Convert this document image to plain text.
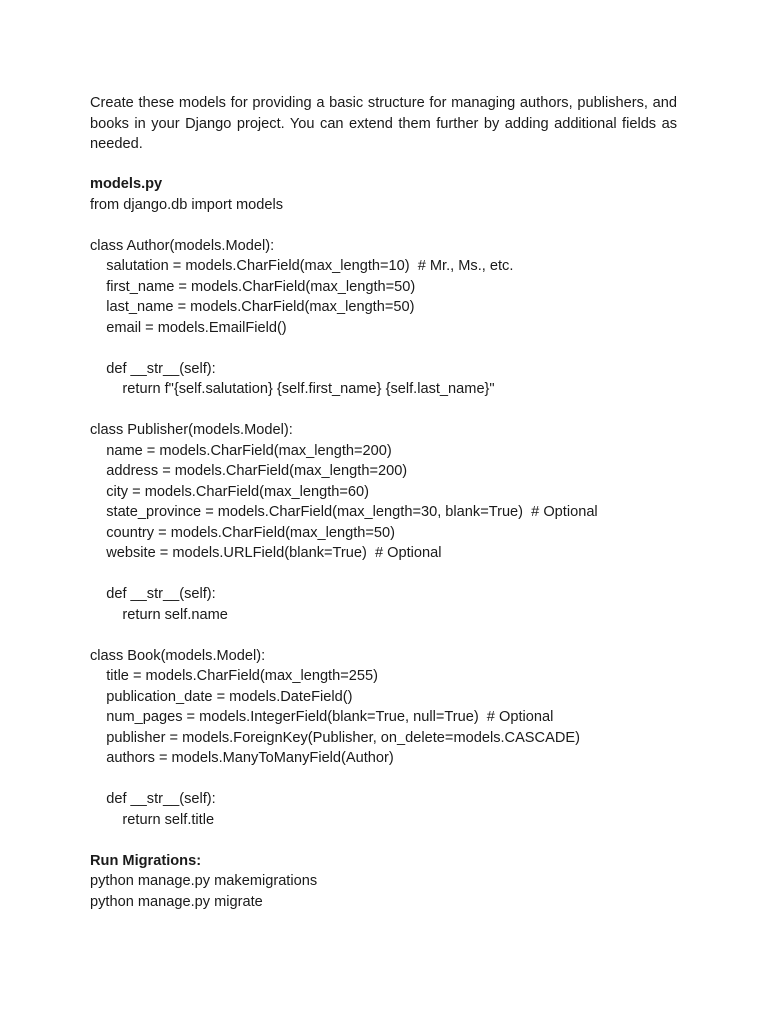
Create these models for providing a basic structure for managing authors, publishers, and books in your Django project. You can extend them further by adding additional fields as needed.

models.py
from django.db import models
class Author(models.Model):
salutation = models.CharField(max_length=10)  # Mr., Ms., etc.
first_name = models.CharField(max_length=50)
last_name = models.CharField(max_length=50)
email = models.EmailField()
def __str__(self):
return f"{self.salutation} {self.first_name} {self.last_name}"
class Publisher(models.Model):
name = models.CharField(max_length=200)
address = models.CharField(max_length=200)
city = models.CharField(max_length=60)
state_province = models.CharField(max_length=30, blank=True)  # Optional
country = models.CharField(max_length=50)
website = models.URLField(blank=True)  # Optional
def __str__(self):
return self.name
class Book(models.Model):
title = models.CharField(max_length=255)
publication_date = models.DateField()
num_pages = models.IntegerField(blank=True, null=True)  # Optional
publisher = models.ForeignKey(Publisher, on_delete=models.CASCADE)
authors = models.ManyToManyField(Author)
def __str__(self):
return self.title
Run Migrations:
python manage.py makemigrations
python manage.py migrate
